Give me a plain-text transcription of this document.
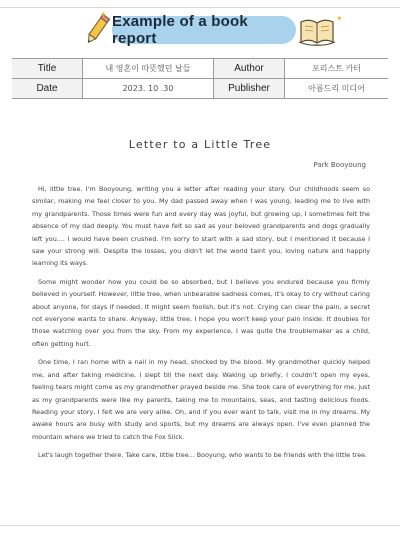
✦ Example of a book report
✦
Title	내 영혼이 따뜻했던 날들	Author	포리스트 카터
Date	2023. 10 .30	Publisher	아름드리 미디어
Letter to a Little Tree
Park Booyoung

Hi, little tree. I'm Booyoung, writing you a letter after reading your story. Our childhoods seem so similar, making me feel closer to you. My dad passed away when I was young, leading me to live with my grandparents. Those times were fun and every day was joyful, but growing up, I sometimes felt the absence of my dad deeply. You must have felt so sad as your beloved grandparents and dogs gradually left you.... I would have been crushed. I'm sorry to start with a sad story, but I mentioned it because I saw your strong will. Despite the losses, you didn't let the world taint you, loving nature and happily learning its ways.

Some might wonder how you could be so absorbed, but I believe you endured because you firmly believed in yourself. However, little tree, when unbearable sadness comes, it's okay to cry without caring about anyone, for days if needed. It might seem foolish, but it's not. Crying can clear the pain, a secret not everyone wants to share. Anyway, little tree, I hope you won't keep your pain inside. It doubles for those watching over you from the sky. From my experience, I was quite the troublemaker as a child, often getting hurt.

One time, I ran home with a nail in my head, shocked by the blood. My grandmother quickly helped me, and after taking medicine, I slept till the next day. Waking up briefly, I couldn't open my eyes, feeling tears might come as my grandmother prayed beside me. She took care of everything for me, just as my grandparents were like my parents, taking me to mountains, seas, and tasting delicious foods. Reading your story, I felt we are very alike. Oh, and if you ever want to talk, visit me in my dreams. My awake hours are busy with study and sports, but my dreams are always open. I've even planned the mountain where we tried to catch the Fox Slick.

Let's laugh together there. Take care, little tree... Booyung, who wants to be friends with the little tree.
